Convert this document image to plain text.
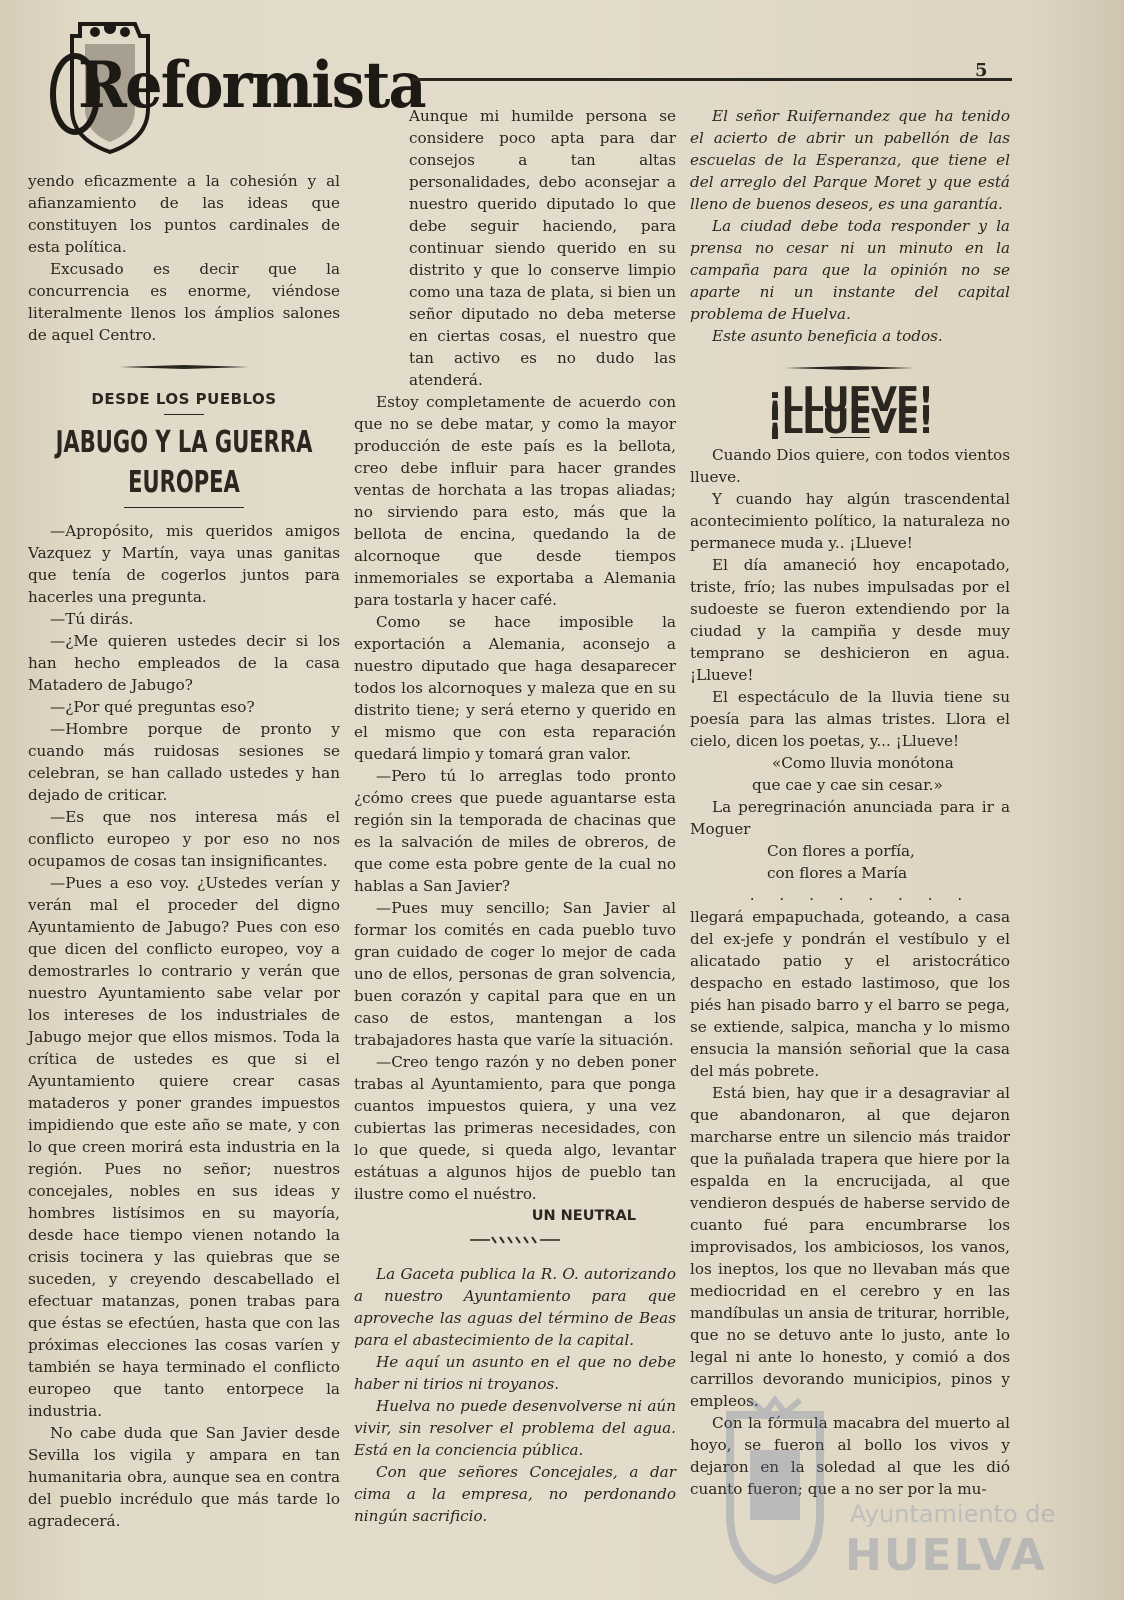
Reformista	5

yendo eficazmente a la cohesión y al afianzamiento de las ideas que constituyen los puntos cardinales de esta política.

Excusado es decir que la concurrencia es enorme, viéndose literalmente llenos los ámplios salones de aquel Centro.

DESDE LOS PUEBLOS
JABUGO Y LA GUERRA EUROPEA

—Apropósito, mis queridos amigos Vazquez y Martín, vaya unas ganitas que tenía de cogerlos juntos para hacerles una pregunta.

—Tú dirás.

—¿Me quieren ustedes decir si los han hecho empleados de la casa Matadero de Jabugo?

—¿Por qué preguntas eso?

—Hombre porque de pronto y cuando más ruidosas sesiones se celebran, se han callado ustedes y han dejado de criticar.

—Es que nos interesa más el conflicto europeo y por eso no nos ocupamos de cosas tan insignificantes.

—Pues a eso voy. ¿Ustedes verían y verán mal el proceder del digno Ayuntamiento de Jabugo? Pues con eso que dicen del conflicto europeo, voy a demostrarles lo contrario y verán que nuestro Ayuntamiento sabe velar por los intereses de los industriales de Jabugo mejor que ellos mismos. Toda la crítica de ustedes es que si el Ayuntamiento quiere crear casas mataderos y poner grandes impuestos impidiendo que este año se mate, y con lo que creen morirá esta industria en la región. Pues no señor; nuestros concejales, nobles en sus ideas y hombres listísimos en su mayoría, desde hace tiempo vienen notando la crisis tocinera y las quiebras que se suceden, y creyendo descabellado el efectuar matanzas, ponen trabas para que éstas se efectúen, hasta que con las próximas elecciones las cosas varíen y también se haya terminado el conflicto europeo que tanto entorpece la industria.

No cabe duda que San Javier desde Sevilla los vigila y ampara en tan humanitaria obra, aunque sea en contra del pueblo incrédulo que más tarde lo agradecerá.

Aunque mi humilde persona se considere poco apta para dar consejos a tan altas personalidades, debo aconsejar a nuestro querido diputado lo que debe seguir haciendo, para continuar siendo querido en su distrito y que lo conserve limpio como una taza de plata, si bien un señor diputado no deba meterse en ciertas cosas, el nuestro que tan activo es no dudo las atenderá.

Estoy completamente de acuerdo con que no se debe matar, y como la mayor producción de este país es la bellota, creo debe influir para hacer grandes ventas de horchata a las tropas aliadas; no sirviendo para esto, más que la bellota de encina, quedando la de alcornoque que desde tiempos inmemoriales se exportaba a Alemania para tostarla y hacer café.

Como se hace imposible la exportación a Alemania, aconsejo a nuestro diputado que haga desaparecer todos los alcornoques y maleza que en su distrito tiene; y será eterno y querido en el mismo que con esta reparación quedará limpio y tomará gran valor.

—Pero tú lo arreglas todo pronto ¿cómo crees que puede aguantarse esta región sin la temporada de chacinas que es la salvación de miles de obreros, de que come esta pobre gente de la cual no hablas a San Javier?

—Pues muy sencillo; San Javier al formar los comités en cada pueblo tuvo gran cuidado de coger lo mejor de cada uno de ellos, personas de gran solvencia, buen corazón y capital para que en un caso de estos, mantengan a los trabajadores hasta que varíe la situación.

—Creo tengo razón y no deben poner trabas al Ayuntamiento, para que ponga cuantos impuestos quiera, y una vez cubiertas las primeras necesidades, con lo que quede, si queda algo, levantar estátuas a algunos hijos de pueblo tan ilustre como el nuéstro.

UN NEUTRAL

La Gaceta publica la R. O. autorizando a nuestro Ayuntamiento para que aproveche las aguas del término de Beas para el abastecimiento de la capital.

He aquí un asunto en el que no debe haber ni tirios ni troyanos.

Huelva no puede desenvolverse ni aún vivir, sin resolver el problema del agua. Está en la conciencia pública.

Con que señores Concejales, a dar cima a la empresa, no perdonando ningún sacrificio.

El señor Ruifernandez que ha tenido el acierto de abrir un pabellón de las escuelas de la Esperanza, que tiene el del arreglo del Parque Moret y que está lleno de buenos deseos, es una garantía.

La ciudad debe toda responder y la prensa no cesar ni un minuto en la campaña para que la opinión no se aparte ni un instante del capital problema de Huelva.

Este asunto beneficia a todos.

¡LLUEVE! ¡LLUEVE!

Cuando Dios quiere, con todos vientos llueve.

Y cuando hay algún trascendental acontecimiento político, la naturaleza no permanece muda y.. ¡Llueve!

El día amaneció hoy encapotado, triste, frío; las nubes impulsadas por el sudoeste se fueron extendiendo por la ciudad y la campiña y desde muy temprano se deshicieron en agua. ¡Llueve!

El espectáculo de la lluvia tiene su poesía para las almas tristes. Llora el cielo, dicen los poetas, y... ¡Llueve!

«Como lluvia monótona

que cae y cae sin cesar.»

La peregrinación anunciada para ir a Moguer

Con flores a porfía,

con flores a María

. . . . . . . .

llegará empapuchada, goteando, a casa del ex-jefe y pondrán el vestíbulo y el alicatado patio y el aristocrático despacho en estado lastimoso, que los piés han pisado barro y el barro se pega, se extiende, salpica, mancha y lo mismo ensucia la mansión señorial que la casa del más pobrete.

Está bien, hay que ir a desagraviar al que abandonaron, al que dejaron marcharse entre un silencio más traidor que la puñalada trapera que hiere por la espalda en la encrucijada, al que vendieron después de haberse servido de cuanto fué para encumbrarse los improvisados, los ambiciosos, los vanos, los ineptos, los que no llevaban más que mediocridad en el cerebro y en las mandíbulas un ansia de triturar, horrible, que no se detuvo ante lo justo, ante lo legal ni ante lo honesto, y comió a dos carrillos devorando municipios, pinos y empleos.

Con la fórmula macabra del muerto al hoyo, se fueron al bollo los vivos y dejaron en la soledad al que les dió cuanto fueron; que a no ser por la mu-

Ayuntamiento de
HUELVA
